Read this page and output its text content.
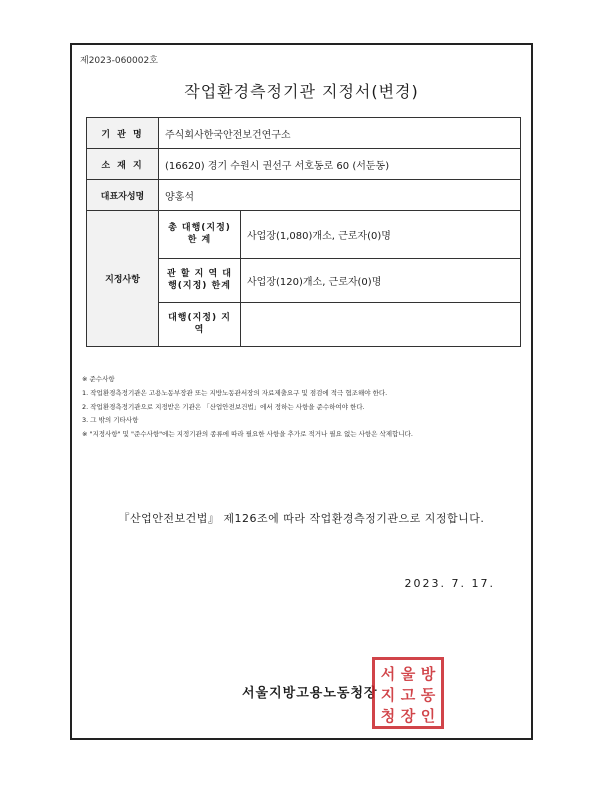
제2023-060002호
작업환경측정기관 지정서(변경)
기 관 명	주식회사한국안전보건연구소	
소 재 지	(16620) 경기 수원시 권선구 서호동로 60 (서둔동)	
대표자성명	양홍석	
지정사항	총 대행(지정) 한 계	사업장(1,080)개소, 근로자(0)명
	관 할 지 역 대행(지정) 한계	사업장(120)개소, 근로자(0)명
	대행(지정) 지역	
※ 준수사항
1. 작업환경측정기관은 고용노동부장관 또는 지방노동관서장의 자료제출요구 및 점검에 적극 협조해야 한다.
2. 작업환경측정기관으로 지정받은 기관은 「산업안전보건법」에서 정하는 사항을 준수하여야 한다.
3. 그 밖의 기타사항
※ "지정사항" 및 "준수사항"에는 지정기관의 종류에 따라 필요한 사항을 추가로 적거나 필요 없는 사항은 삭제합니다.
『산업안전보건법』 제126조에 따라 작업환경측정기관으로 지정합니다.
2023. 7. 17.
서울지방고용노동청장
서 울 방
지 고 동
청 장 인
